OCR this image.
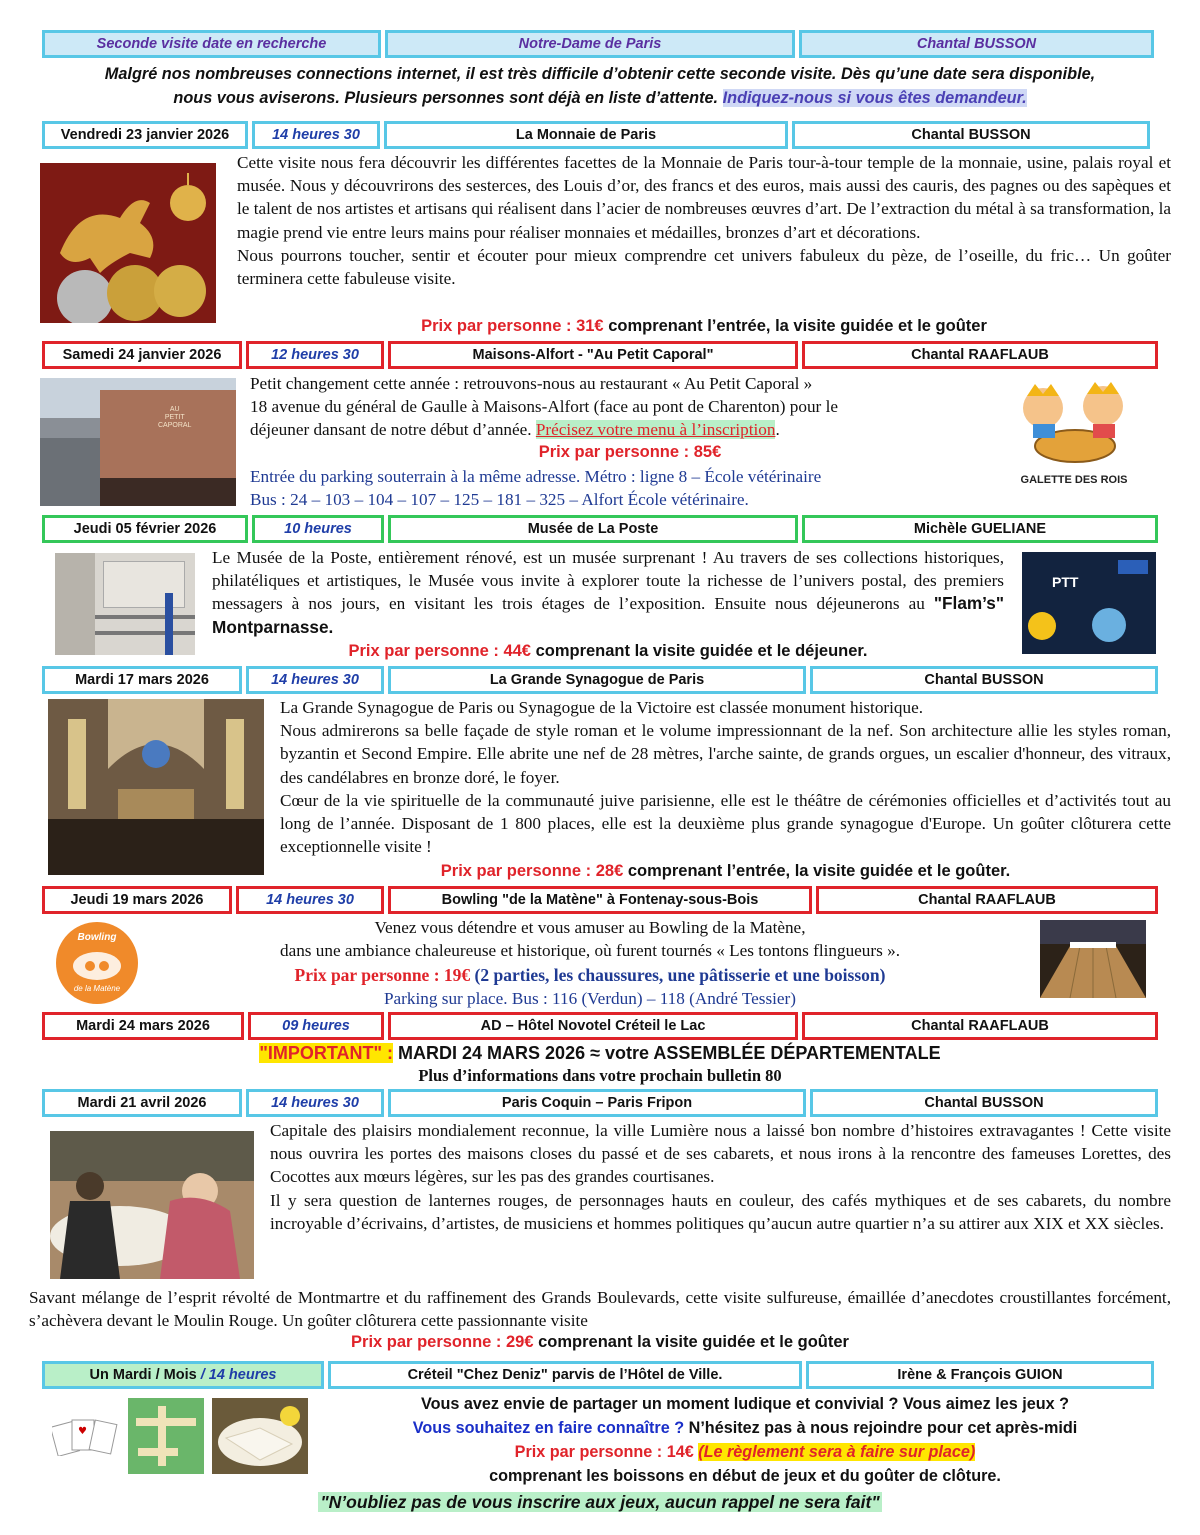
Seconde visite date en recherche	Notre-Dame de Paris	Chantal BUSSON
Malgré nos nombreuses connections internet, il est très difficile d’obtenir cette seconde visite. Dès qu’une date sera disponible,
nous vous aviserons. Plusieurs personnes sont déjà en liste d’attente. Indiquez-nous si vous êtes demandeur.
Vendredi 23 janvier 2026	14 heures 30	La Monnaie de Paris	Chantal BUSSON

Cette visite nous fera découvrir les différentes facettes de la Monnaie de Paris tour-à-tour temple de la monnaie, usine, palais royal et musée. Nous y découvrirons des sesterces, des Louis d’or, des francs et des euros, mais aussi des cauris, des pagnes ou des sapèques et le talent de nos artistes et artisans qui réalisent dans l’acier de nombreuses œuvres d’art. De l’extraction du métal à sa transformation, la magie prend vie entre leurs mains pour réaliser monnaies et médailles, bronzes d’art et décorations.

Nous pourrons toucher, sentir et écouter pour mieux comprendre cet univers fabuleux du pèze, de l’oseille, du fric… Un goûter terminera cette fabuleuse visite.

Prix par personne : 31€ comprenant l’entrée, la visite guidée et le goûter
Samedi 24 janvier 2026	12 heures 30	Maisons-Alfort - "Au Petit Caporal"	Chantal RAAFLAUB
AU
PETIT
CAPORAL

Petit changement cette année : retrouvons-nous au restaurant « Au Petit Caporal »

18 avenue du général de Gaulle à Maisons-Alfort (face au pont de Charenton) pour le

déjeuner dansant de notre début d’année. Précisez votre menu à l’inscription.

Prix par personne : 85€

Entrée du parking souterrain à la même adresse. Métro : ligne 8 – École vétérinaire

Bus : 24 – 103 – 104 – 107 – 125 – 181 – 325 – Alfort École vétérinaire.

GALETTE DES ROIS
Jeudi 05 février 2026	10 heures	Musée de La Poste	Michèle GUELIANE

Le Musée de la Poste, entièrement rénové, est un musée surprenant ! Au travers de ses collections historiques, philatéliques et artistiques, le Musée vous invite à explorer toute la richesse de l’univers postal, des premiers messagers à nos jours, en visitant les trois étages de l’exposition. Ensuite nous déjeunerons au "Flam’s" Montparnasse.

Prix par personne : 44€ comprenant la visite guidée et le déjeuner.
PTT
Mardi 17 mars 2026	14 heures 30	La Grande Synagogue de Paris	Chantal BUSSON

La Grande Synagogue de Paris ou Synagogue de la Victoire est classée monument historique.

Nous admirerons sa belle façade de style roman et le volume impressionnant de la nef. Son architecture allie les styles roman, byzantin et Second Empire. Elle abrite une nef de 28 mètres, l'arche sainte, de grands orgues, un escalier d'honneur, des vitraux, des candélabres en bronze doré, le foyer.

Cœur de la vie spirituelle de la communauté juive parisienne, elle est le théâtre de cérémonies officielles et d’activités tout au long de l’année. Disposant de 1 800 places, elle est la deuxième plus grande synagogue d'Europe. Un goûter clôturera cette exceptionnelle visite !

Prix par personne : 28€ comprenant l’entrée, la visite guidée et le goûter.
Jeudi 19 mars 2026	14 heures 30	Bowling "de la Matène" à Fontenay-sous-Bois	Chantal RAAFLAUB
Bowling
de la Matène

Venez vous détendre et vous amuser au Bowling de la Matène,

dans une ambiance chaleureuse et historique, où furent tournés « Les tontons flingueurs ».

Prix par personne : 19€ (2 parties, les chaussures, une pâtisserie et une boisson)
Parking sur place. Bus : 116 (Verdun) – 118 (André Tessier)
Mardi 24 mars 2026	09 heures	AD – Hôtel Novotel Créteil le Lac	Chantal RAAFLAUB
"IMPORTANT" : MARDI 24 MARS 2026 ≈ votre ASSEMBLÉE DÉPARTEMENTALE
Plus d’informations dans votre prochain bulletin 80
Mardi 21 avril 2026	14 heures 30	Paris Coquin – Paris Fripon	Chantal BUSSON

Capitale des plaisirs mondialement reconnue, la ville Lumière nous a laissé bon nombre d’histoires extravagantes ! Cette visite nous ouvrira les portes des maisons closes du passé et de ses cabarets, et nous irons à la rencontre des fameuses Lorettes, des Cocottes aux mœurs légères, sur les pas des grandes courtisanes.

Il y sera question de lanternes rouges, de personnages hauts en couleur, des cafés mythiques et de ses cabarets, du nombre incroyable d’écrivains, d’artistes, de musiciens et hommes politiques qu’aucun autre quartier n’a su attirer aux XIX et XX siècles.

Savant mélange de l’esprit révolté de Montmartre et du raffinement des Grands Boulevards, cette visite sulfureuse, émaillée d’anecdotes croustillantes forcément, s’achèvera devant le Moulin Rouge. Un goûter clôturera cette passionnante visite
Prix par personne : 29€ comprenant la visite guidée et le goûter
Un Mardi / Mois
/ 14 heures	Créteil "Chez Deniz" parvis de l’Hôtel de Ville.	Irène & François GUION
♥
Vous avez envie de partager un moment ludique et convivial ? Vous aimez les jeux ?
Vous souhaitez en faire connaître ? N’hésitez pas à nous rejoindre pour cet après-midi
Prix par personne : 14€ (Le règlement sera à faire sur place)
comprenant les boissons en début de jeux et du goûter de clôture.
"N’oubliez pas de vous inscrire aux jeux, aucun rappel ne sera fait"
